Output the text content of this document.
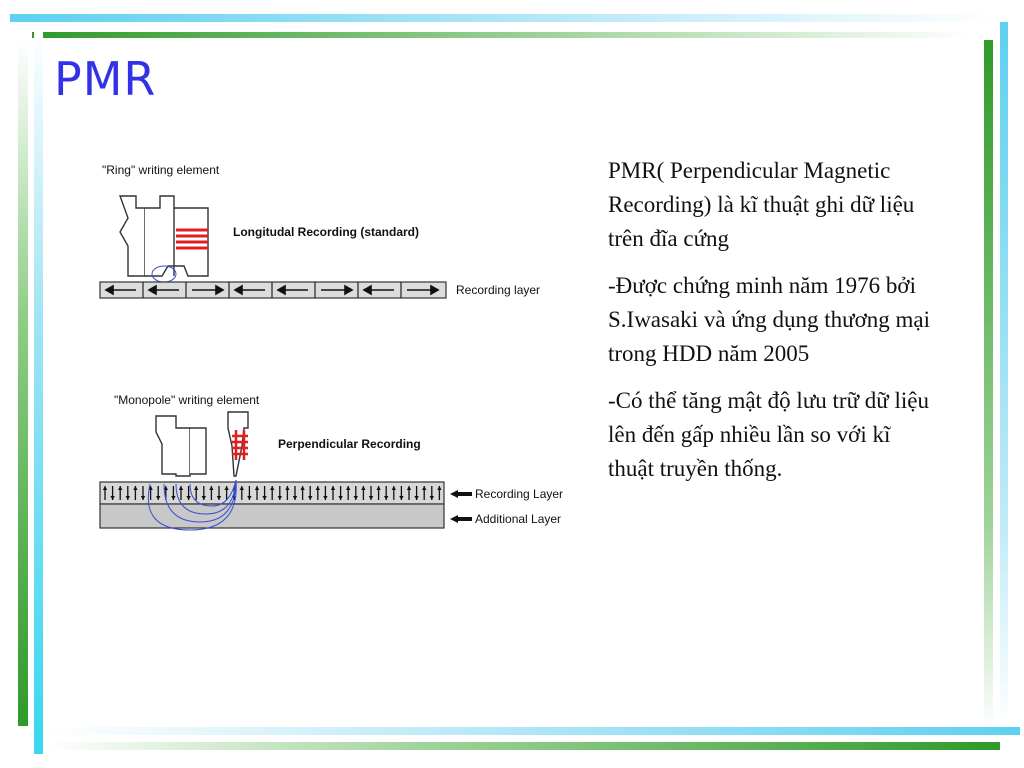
PMR
"Ring" writing element
Longitudal Recording (standard)
Recording layer
"Monopole" writing element
Perpendicular Recording
Recording Layer
Additional Layer

PMR( Perpendicular Magnetic Recording) là kĩ thuật ghi dữ liệu trên đĩa cứng

-Được chứng minh năm 1976 bởi S.Iwasaki và ứng dụng thương mại trong HDD năm 2005

-Có thể tăng mật độ lưu trữ dữ liệu lên đến gấp nhiều lần so với kĩ thuật truyền thống.
